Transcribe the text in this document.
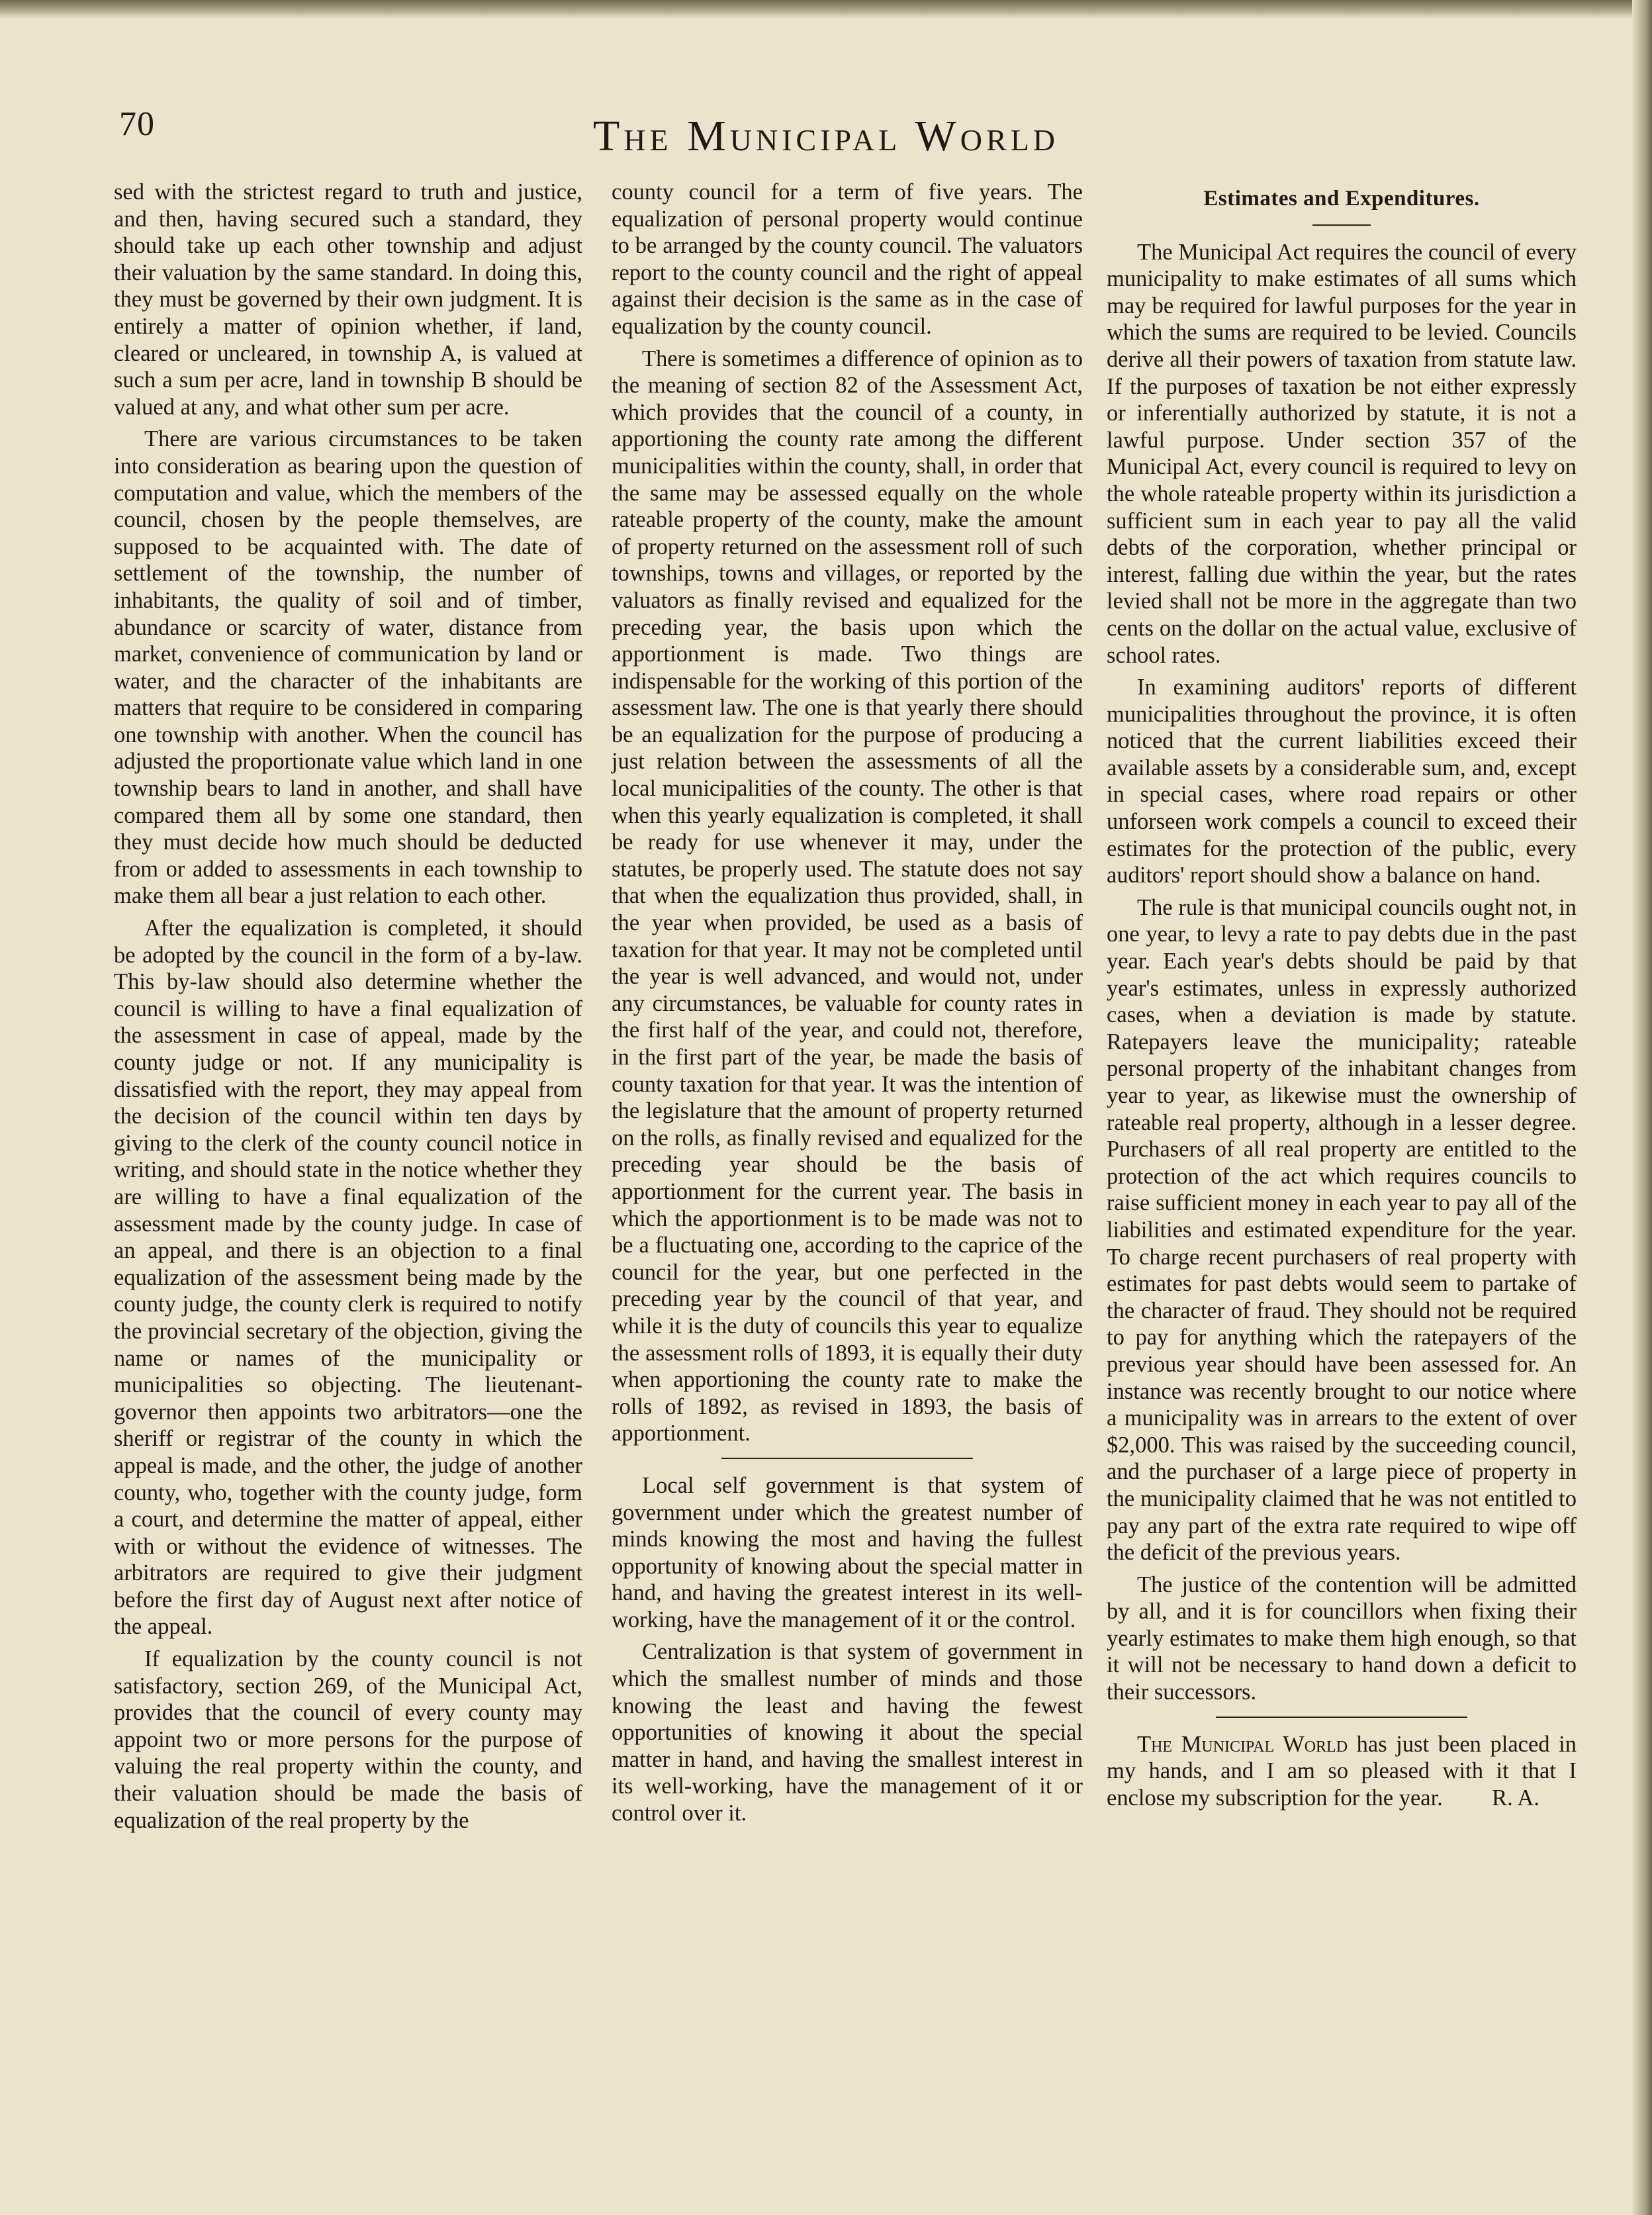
70	The Municipal World

sed with the strictest regard to truth and justice, and then, having secured such a standard, they should take up each other township and adjust their valuation by the same standard. In doing this, they must be governed by their own judgment. It is entirely a matter of opinion whether, if land, cleared or uncleared, in township A, is valued at such a sum per acre, land in township B should be valued at any, and what other sum per acre.

There are various circumstances to be taken into consideration as bearing upon the question of computation and value, which the members of the council, chosen by the people themselves, are supposed to be acquainted with. The date of settlement of the township, the number of inhabitants, the quality of soil and of timber, abundance or scarcity of water, distance from market, convenience of communication by land or water, and the character of the inhabitants are matters that require to be considered in comparing one township with another. When the council has adjusted the proportionate value which land in one township bears to land in another, and shall have compared them all by some one standard, then they must decide how much should be deducted from or added to assessments in each township to make them all bear a just relation to each other.

After the equalization is completed, it should be adopted by the council in the form of a by-law. This by-law should also determine whether the council is willing to have a final equalization of the assessment in case of appeal, made by the county judge or not. If any municipality is dissatisfied with the report, they may appeal from the decision of the council within ten days by giving to the clerk of the county council notice in writing, and should state in the notice whether they are willing to have a final equalization of the assessment made by the county judge. In case of an appeal, and there is an objection to a final equalization of the assessment being made by the county judge, the county clerk is required to notify the provincial secretary of the objection, giving the name or names of the municipality or municipalities so objecting. The lieutenant-governor then appoints two arbitrators—one the sheriff or registrar of the county in which the appeal is made, and the other, the judge of another county, who, together with the county judge, form a court, and determine the matter of appeal, either with or without the evidence of witnesses. The arbitrators are required to give their judgment before the first day of August next after notice of the appeal.

If equalization by the county council is not satisfactory, section 269, of the Municipal Act, provides that the council of every county may appoint two or more persons for the purpose of valuing the real property within the county, and their valuation should be made the basis of equalization of the real property by the

county council for a term of five years. The equalization of personal property would continue to be arranged by the county council. The valuators report to the county council and the right of appeal against their decision is the same as in the case of equalization by the county council.

There is sometimes a difference of opinion as to the meaning of section 82 of the Assessment Act, which provides that the council of a county, in apportioning the county rate among the different municipalities within the county, shall, in order that the same may be assessed equally on the whole rateable property of the county, make the amount of property returned on the assessment roll of such townships, towns and villages, or reported by the valuators as finally revised and equalized for the preceding year, the basis upon which the apportionment is made. Two things are indispensable for the working of this portion of the assessment law. The one is that yearly there should be an equalization for the purpose of producing a just relation between the assessments of all the local municipalities of the county. The other is that when this yearly equalization is completed, it shall be ready for use whenever it may, under the statutes, be properly used. The statute does not say that when the equalization thus provided, shall, in the year when provided, be used as a basis of taxation for that year. It may not be completed until the year is well advanced, and would not, under any circumstances, be valuable for county rates in the first half of the year, and could not, therefore, in the first part of the year, be made the basis of county taxation for that year. It was the intention of the legislature that the amount of property returned on the rolls, as finally revised and equalized for the preceding year should be the basis of apportionment for the current year. The basis in which the apportionment is to be made was not to be a fluctuating one, according to the caprice of the council for the year, but one perfected in the preceding year by the council of that year, and while it is the duty of councils this year to equalize the assessment rolls of 1893, it is equally their duty when apportioning the county rate to make the rolls of 1892, as revised in 1893, the basis of apportionment.

Local self government is that system of government under which the greatest number of minds knowing the most and having the fullest opportunity of knowing about the special matter in hand, and having the greatest interest in its well-working, have the management of it or the control.

Centralization is that system of government in which the smallest number of minds and those knowing the least and having the fewest opportunities of knowing it about the special matter in hand, and having the smallest interest in its well-working, have the management of it or control over it.

Estimates and Expenditures.

The Municipal Act requires the council of every municipality to make estimates of all sums which may be required for lawful purposes for the year in which the sums are required to be levied. Councils derive all their powers of taxation from statute law. If the purposes of taxation be not either expressly or inferentially authorized by statute, it is not a lawful purpose. Under section 357 of the Municipal Act, every council is required to levy on the whole rateable property within its jurisdiction a sufficient sum in each year to pay all the valid debts of the corporation, whether principal or interest, falling due within the year, but the rates levied shall not be more in the aggregate than two cents on the dollar on the actual value, exclusive of school rates.

In examining auditors' reports of different municipalities throughout the province, it is often noticed that the current liabilities exceed their available assets by a considerable sum, and, except in special cases, where road repairs or other unforseen work compels a council to exceed their estimates for the protection of the public, every auditors' report should show a balance on hand.

The rule is that municipal councils ought not, in one year, to levy a rate to pay debts due in the past year. Each year's debts should be paid by that year's estimates, unless in expressly authorized cases, when a deviation is made by statute. Ratepayers leave the municipality; rateable personal property of the inhabitant changes from year to year, as likewise must the ownership of rateable real property, although in a lesser degree. Purchasers of all real property are entitled to the protection of the act which requires councils to raise sufficient money in each year to pay all of the liabilities and estimated expenditure for the year. To charge recent purchasers of real property with estimates for past debts would seem to partake of the character of fraud. They should not be required to pay for anything which the ratepayers of the previous year should have been assessed for. An instance was recently brought to our notice where a municipality was in arrears to the extent of over $2,000. This was raised by the succeeding council, and the purchaser of a large piece of property in the municipality claimed that he was not entitled to pay any part of the extra rate required to wipe off the deficit of the previous years.

The justice of the contention will be admitted by all, and it is for councillors when fixing their yearly estimates to make them high enough, so that it will not be necessary to hand down a deficit to their successors.

The Municipal World has just been placed in my hands, and I am so pleased with it that I enclose my subscription for the year.	R. A.
